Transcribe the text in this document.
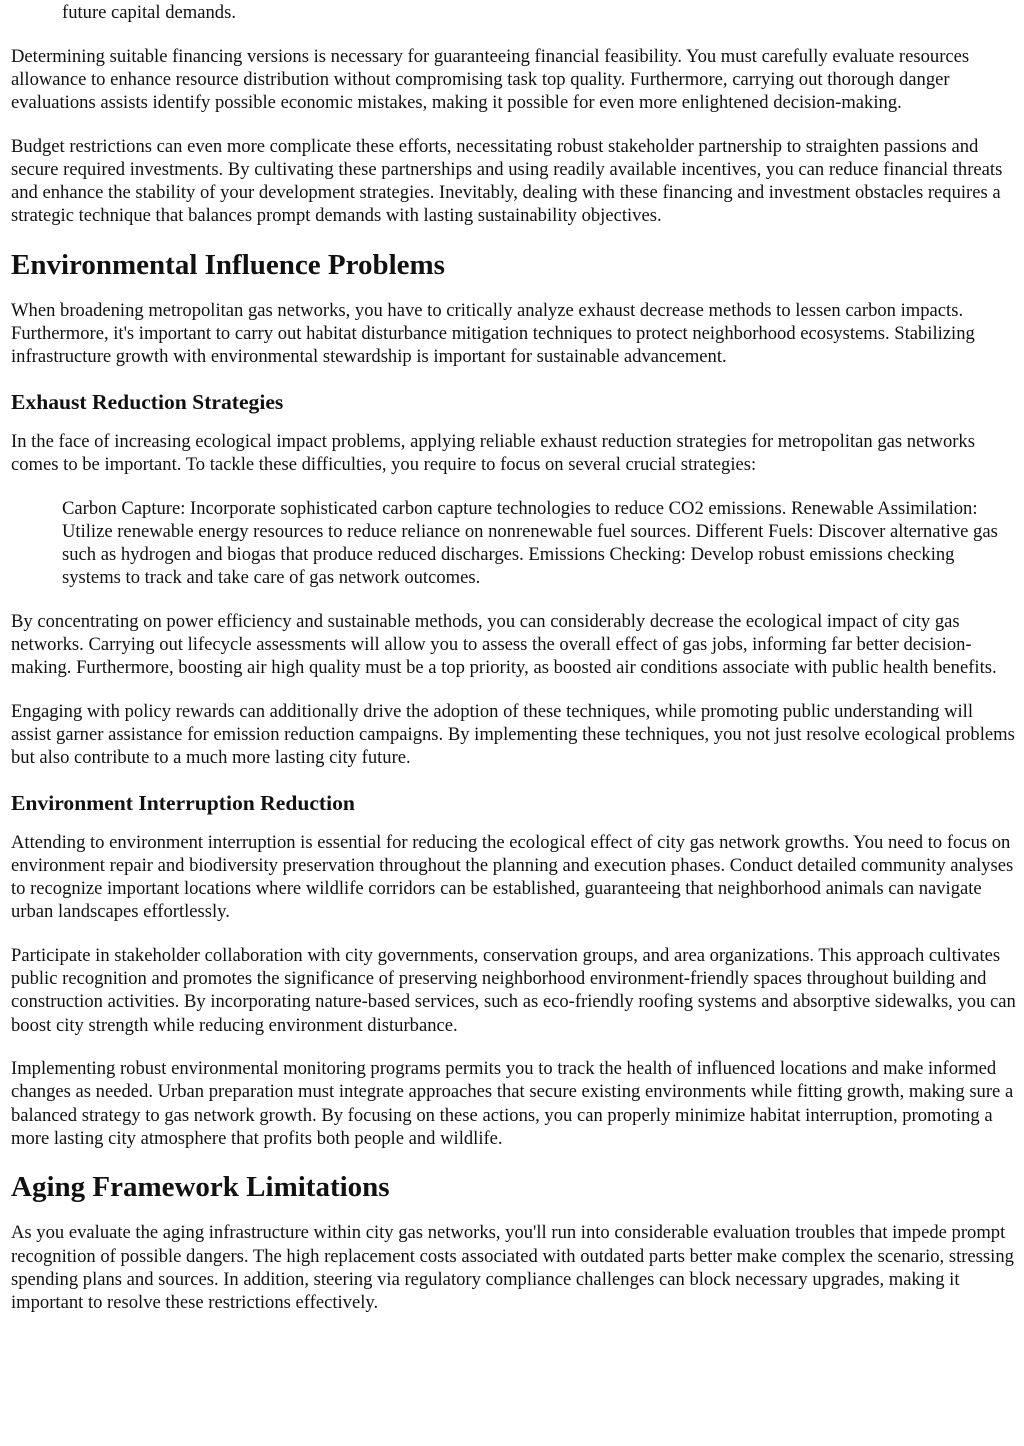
future capital demands.

Determining suitable financing versions is necessary for guaranteeing financial feasibility. You must carefully evaluate resources allowance to enhance resource distribution without compromising task top quality. Furthermore, carrying out thorough danger evaluations assists identify possible economic mistakes, making it possible for even more enlightened decision-making.

Budget restrictions can even more complicate these efforts, necessitating robust stakeholder partnership to straighten passions and secure required investments. By cultivating these partnerships and using readily available incentives, you can reduce financial threats and enhance the stability of your development strategies. Inevitably, dealing with these financing and investment obstacles requires a strategic technique that balances prompt demands with lasting sustainability objectives.

Environmental Influence Problems

When broadening metropolitan gas networks, you have to critically analyze exhaust decrease methods to lessen carbon impacts. Furthermore, it's important to carry out habitat disturbance mitigation techniques to protect neighborhood ecosystems. Stabilizing infrastructure growth with environmental stewardship is important for sustainable advancement.

Exhaust Reduction Strategies

In the face of increasing ecological impact problems, applying reliable exhaust reduction strategies for metropolitan gas networks comes to be important. To tackle these difficulties, you require to focus on several crucial strategies:

Carbon Capture: Incorporate sophisticated carbon capture technologies to reduce CO2 emissions. Renewable Assimilation: Utilize renewable energy resources to reduce reliance on nonrenewable fuel sources. Different Fuels: Discover alternative gas such as hydrogen and biogas that produce reduced discharges. Emissions Checking: Develop robust emissions checking systems to track and take care of gas network outcomes.

By concentrating on power efficiency and sustainable methods, you can considerably decrease the ecological impact of city gas networks. Carrying out lifecycle assessments will allow you to assess the overall effect of gas jobs, informing far better decision-making. Furthermore, boosting air high quality must be a top priority, as boosted air conditions associate with public health benefits.

Engaging with policy rewards can additionally drive the adoption of these techniques, while promoting public understanding will assist garner assistance for emission reduction campaigns. By implementing these techniques, you not just resolve ecological problems but also contribute to a much more lasting city future.

Environment Interruption Reduction

Attending to environment interruption is essential for reducing the ecological effect of city gas network growths. You need to focus on environment repair and biodiversity preservation throughout the planning and execution phases. Conduct detailed community analyses to recognize important locations where wildlife corridors can be established, guaranteeing that neighborhood animals can navigate urban landscapes effortlessly.

Participate in stakeholder collaboration with city governments, conservation groups, and area organizations. This approach cultivates public recognition and promotes the significance of preserving neighborhood environment-friendly spaces throughout building and construction activities. By incorporating nature-based services, such as eco-friendly roofing systems and absorptive sidewalks, you can boost city strength while reducing environment disturbance.

Implementing robust environmental monitoring programs permits you to track the health of influenced locations and make informed changes as needed. Urban preparation must integrate approaches that secure existing environments while fitting growth, making sure a balanced strategy to gas network growth. By focusing on these actions, you can properly minimize habitat interruption, promoting a more lasting city atmosphere that profits both people and wildlife.

Aging Framework Limitations

As you evaluate the aging infrastructure within city gas networks, you'll run into considerable evaluation troubles that impede prompt recognition of possible dangers. The high replacement costs associated with outdated parts better make complex the scenario, stressing spending plans and sources. In addition, steering via regulatory compliance challenges can block necessary upgrades, making it important to resolve these restrictions effectively.
